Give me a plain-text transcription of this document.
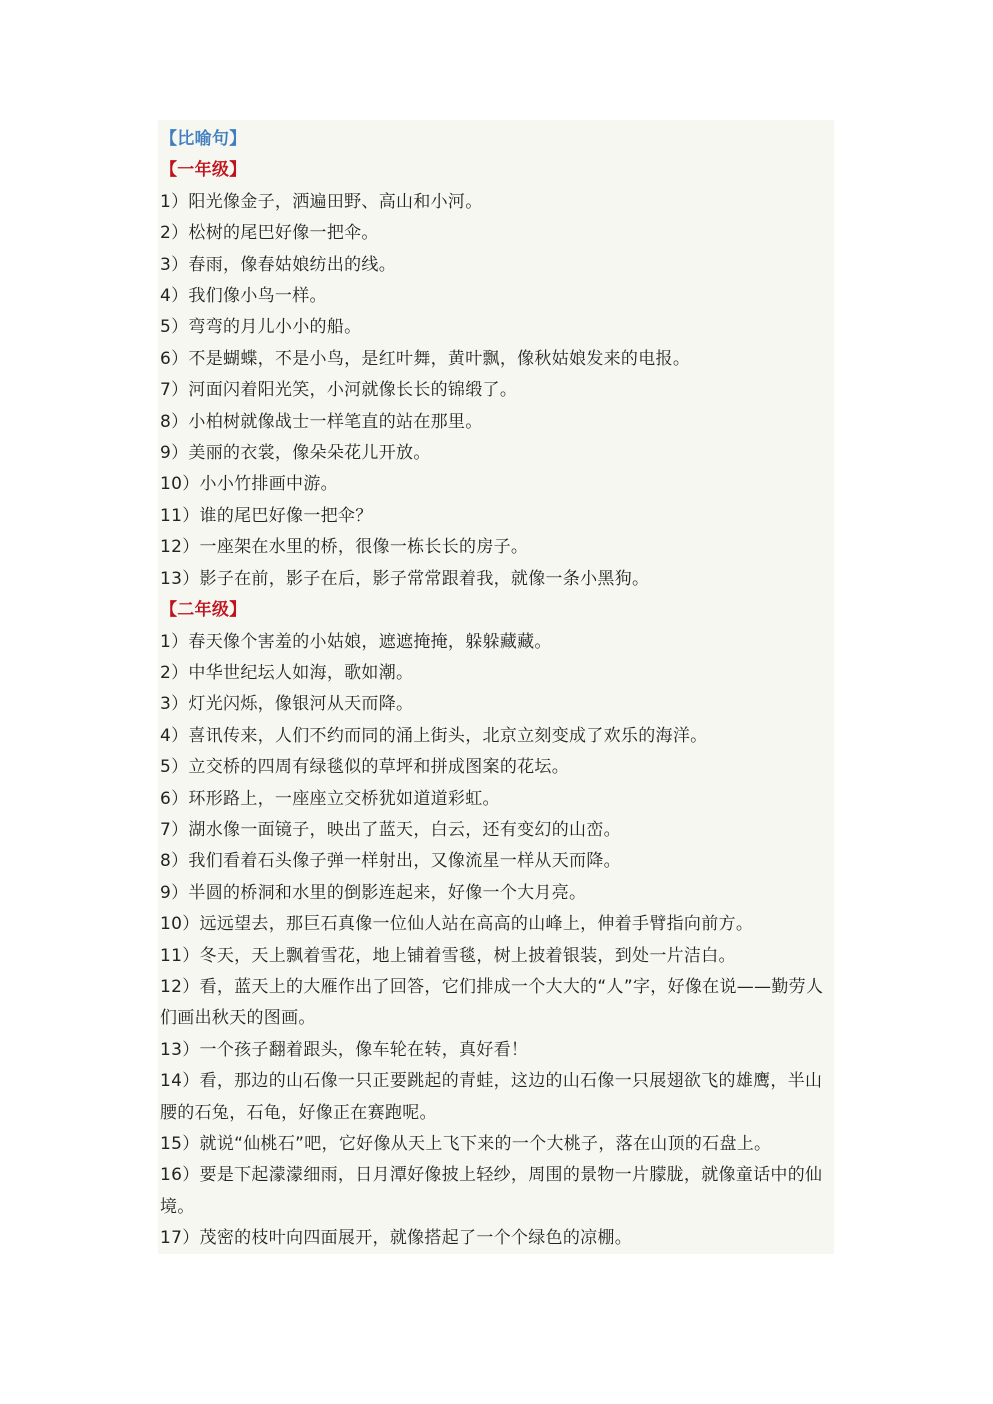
【比喻句】
【一年级】
1）阳光像金子，洒遍田野、高山和小河。
2）松树的尾巴好像一把伞。
3）春雨，像春姑娘纺出的线。
4）我们像小鸟一样。
5）弯弯的月儿小小的船。
6）不是蝴蝶，不是小鸟，是红叶舞，黄叶飘，像秋姑娘发来的电报。
7）河面闪着阳光笑，小河就像长长的锦缎了。
8）小柏树就像战士一样笔直的站在那里。
9）美丽的衣裳，像朵朵花儿开放。
10）小小竹排画中游。
11）谁的尾巴好像一把伞？
12）一座架在水里的桥，很像一栋长长的房子。
13）影子在前，影子在后，影子常常跟着我，就像一条小黑狗。
【二年级】
1）春天像个害羞的小姑娘，遮遮掩掩，躲躲藏藏。
2）中华世纪坛人如海，歌如潮。
3）灯光闪烁，像银河从天而降。
4）喜讯传来，人们不约而同的涌上街头，北京立刻变成了欢乐的海洋。
5）立交桥的四周有绿毯似的草坪和拼成图案的花坛。
6）环形路上，一座座立交桥犹如道道彩虹。
7）湖水像一面镜子，映出了蓝天，白云，还有变幻的山峦。
8）我们看着石头像子弹一样射出，又像流星一样从天而降。
9）半圆的桥洞和水里的倒影连起来，好像一个大月亮。
10）远远望去，那巨石真像一位仙人站在高高的山峰上，伸着手臂指向前方。
11）冬天，天上飘着雪花，地上铺着雪毯，树上披着银装，到处一片洁白。
12）看，蓝天上的大雁作出了回答，它们排成一个大大的“人”字，好像在说——勤劳人们画出秋天的图画。
13）一个孩子翻着跟头，像车轮在转，真好看！
14）看，那边的山石像一只正要跳起的青蛙，这边的山石像一只展翅欲飞的雄鹰，半山腰的石兔，石龟，好像正在赛跑呢。
15）就说“仙桃石”吧，它好像从天上飞下来的一个大桃子，落在山顶的石盘上。
16）要是下起濛濛细雨，日月潭好像披上轻纱，周围的景物一片朦胧，就像童话中的仙境。
17）茂密的枝叶向四面展开，就像搭起了一个个绿色的凉棚。
